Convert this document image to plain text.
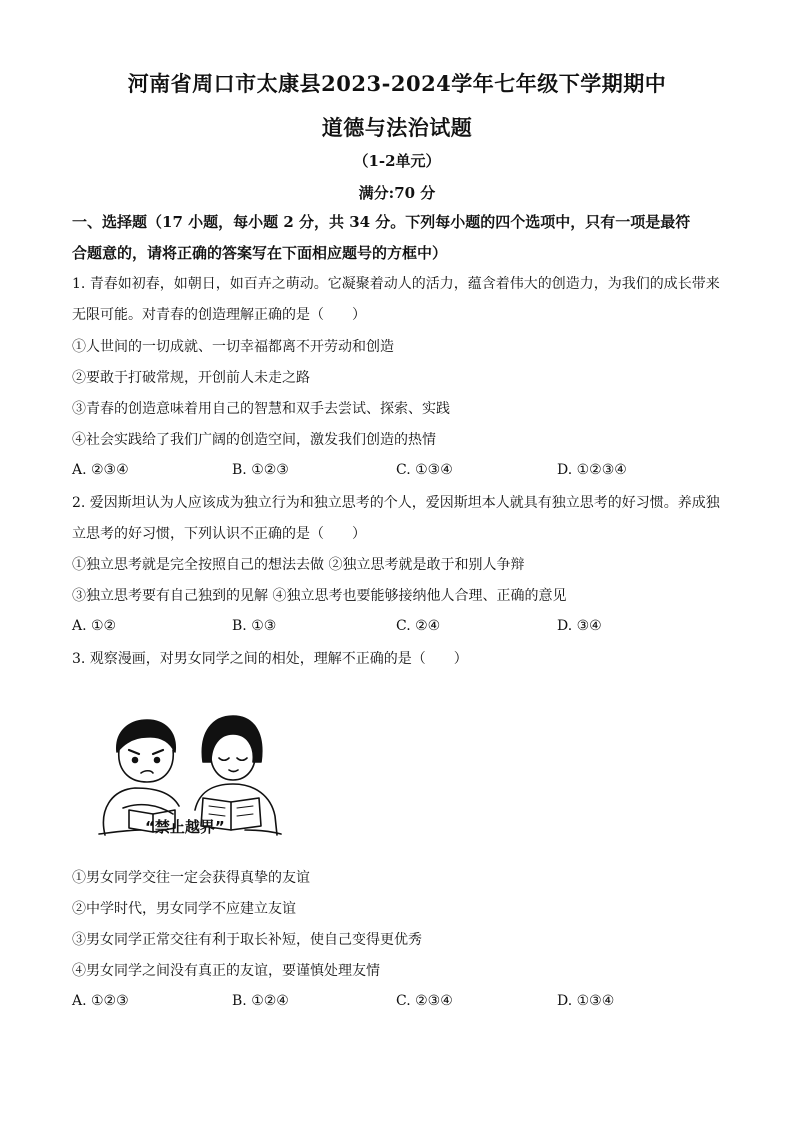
河南省周口市太康县2023-2024学年七年级下学期期中
道德与法治试题
（1-2单元）
满分:70 分
一、选择题（17 小题，每小题 2 分，共 34 分。下列每小题的四个选项中，只有一项是最符
合题意的，请将正确的答案写在下面相应题号的方框中）
1. 青春如初春，如朝日，如百卉之萌动。它凝聚着动人的活力，蕴含着伟大的创造力，为我们的成长带来
无限可能。对青春的创造理解正确的是（　　）
①人世间的一切成就、一切幸福都离不开劳动和创造
②要敢于打破常规，开创前人未走之路
③青春的创造意味着用自己的智慧和双手去尝试、探索、实践
④社会实践给了我们广阔的创造空间，激发我们创造的热情
A. ②③④	B. ①②③	C. ①③④	D. ①②③④
2. 爱因斯坦认为人应该成为独立行为和独立思考的个人，爱因斯坦本人就具有独立思考的好习惯。养成独
立思考的好习惯，下列认识不正确的是（　　）
①独立思考就是完全按照自己的想法去做 ②独立思考就是敢于和别人争辩
③独立思考要有自己独到的见解 ④独立思考也要能够接纳他人合理、正确的意见
A. ①②	B. ①③	C. ②④	D. ③④
3. 观察漫画，对男女同学之间的相处，理解不正确的是（　　）
“禁止越界”
①男女同学交往一定会获得真挚的友谊
②中学时代，男女同学不应建立友谊
③男女同学正常交往有利于取长补短，使自己变得更优秀
④男女同学之间没有真正的友谊，要谨慎处理友情
A. ①②③	B. ①②④	C. ②③④	D. ①③④
